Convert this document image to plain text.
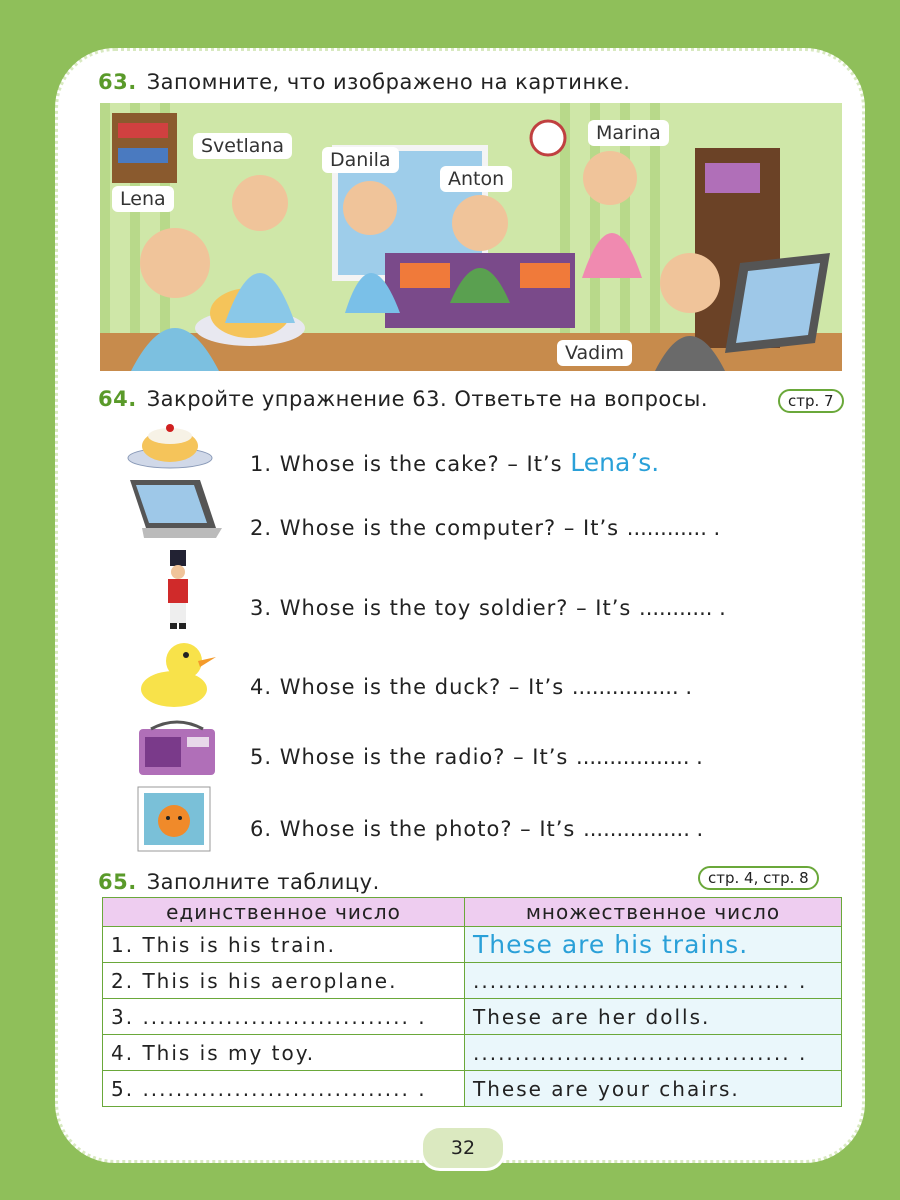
63. Запомните, что изображено на картинке.
Lena
Svetlana
Danila
Anton
Marina
Vadim
64. Закройте упражнение 63. Ответьте на вопросы.	стр. 7
1. Whose is the cake? – It’s Lena’s.
2. Whose is the computer? – It’s ............ .
3. Whose is the toy soldier? – It’s ........... .
4. Whose is the duck? – It’s ................ .
5. Whose is the radio? – It’s ................. .
6. Whose is the photo? – It’s ................ .
65. Заполните таблицу.	стр. 4, стр. 8
единственное число	множественное число
1. This is his train.	These are his trains.
2. This is his aeroplane.	...................................... .
3. ................................ .	These are her dolls.
4. This is my toy.	...................................... .
5. ................................ .	These are your chairs.
32
